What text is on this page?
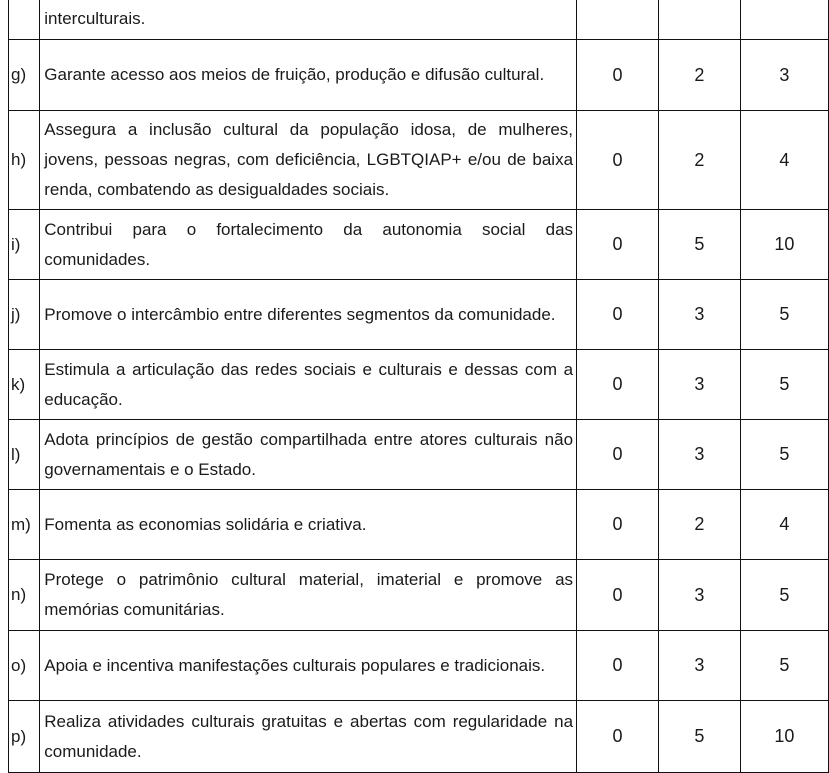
	interculturais.			
g)	Garante acesso aos meios de fruição, produção e difusão cultural.	0	2	3
h)	Assegura a inclusão cultural da população idosa, de mulheres, jovens, pessoas negras, com deficiência, LGBTQIAP+ e/ou de baixa renda, combatendo as desigualdades sociais.	0	2	4
i)	Contribui para o fortalecimento da autonomia social das comunidades.	0	5	10
j)	Promove o intercâmbio entre diferentes segmentos da comunidade.	0	3	5
k)	Estimula a articulação das redes sociais e culturais e dessas com a educação.	0	3	5
l)	Adota princípios de gestão compartilhada entre atores culturais não governamentais e o Estado.	0	3	5
m)	Fomenta as economias solidária e criativa.	0	2	4
n)	Protege o patrimônio cultural material, imaterial e promove as memórias comunitárias.	0	3	5
o)	Apoia e incentiva manifestações culturais populares e tradicionais.	0	3	5
p)	Realiza atividades culturais gratuitas e abertas com regularidade na comunidade.	0	5	10
